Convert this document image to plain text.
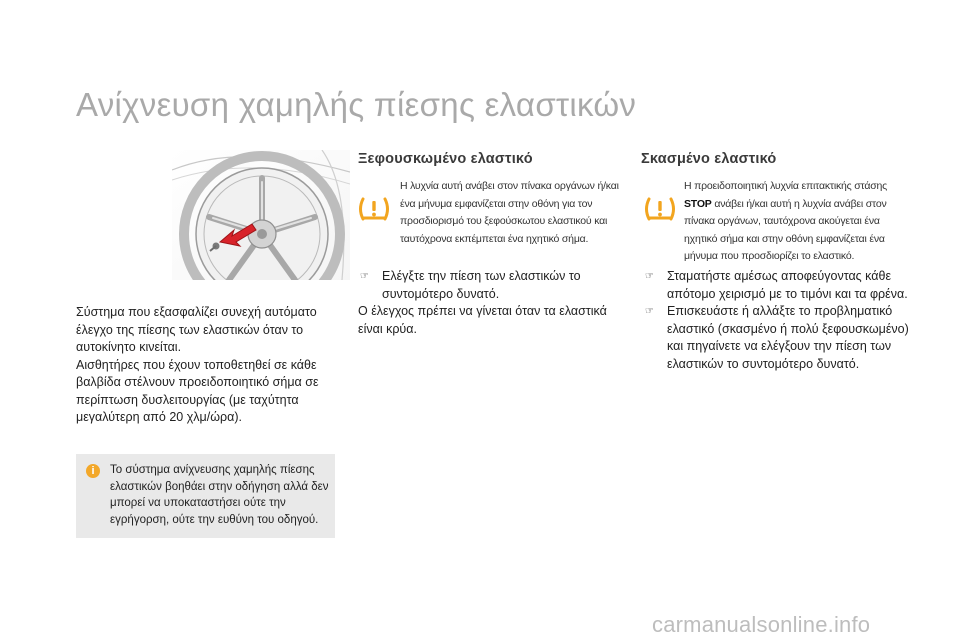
Ανίχνευση χαμηλής πίεσης ελαστικών

Σύστημα που εξασφαλίζει συνεχή αυτόματο έλεγχο της πίεσης των ελαστικών όταν το αυτοκίνητο κινείται.

Αισθητήρες που έχουν τοποθετηθεί σε κάθε βαλβίδα στέλνουν προειδοποιητικό σήμα σε περίπτωση δυσλειτουργίας (με ταχύτητα μεγαλύτερη από 20 χλμ/ώρα).

i	Το σύστημα ανίχνευσης χαμηλής πίεσης ελαστικών βοηθάει στην οδήγηση αλλά δεν μπορεί να υποκαταστήσει ούτε την εγρήγορση, ούτε την ευθύνη του οδηγού.
Ξεφουσκωμένο ελαστικό
Η λυχνία αυτή ανάβει στον πίνακα οργάνων ή/και ένα μήνυμα εμφανίζεται στην οθόνη για τον προσδιορισμό του ξεφούσκωτου ελαστικού και ταυτόχρονα εκπέμπεται ένα ηχητικό σήμα.

☞ Ελέγξτε την πίεση των ελαστικών το συντομότερο δυνατό.

Ο έλεγχος πρέπει να γίνεται όταν τα ελαστικά είναι κρύα.

Σκασμένο ελαστικό
Η προειδοποιητική λυχνία επιτακτικής στάσης STOP ανάβει ή/και αυτή η λυχνία ανάβει στον πίνακα οργάνων, ταυτόχρονα ακούγεται ένα ηχητικό σήμα και στην οθόνη εμφανίζεται ένα μήνυμα που προσδιορίζει το ελαστικό.

☞ Σταματήστε αμέσως αποφεύγοντας κάθε απότομο χειρισμό με το τιμόνι και τα φρένα.

☞ Επισκευάστε ή αλλάξτε το προβληματικό ελαστικό (σκασμένο ή πολύ ξεφουσκωμένο) και πηγαίνετε να ελέγξουν την πίεση των ελαστικών το συντομότερο δυνατό.

carmanualsonline.info
